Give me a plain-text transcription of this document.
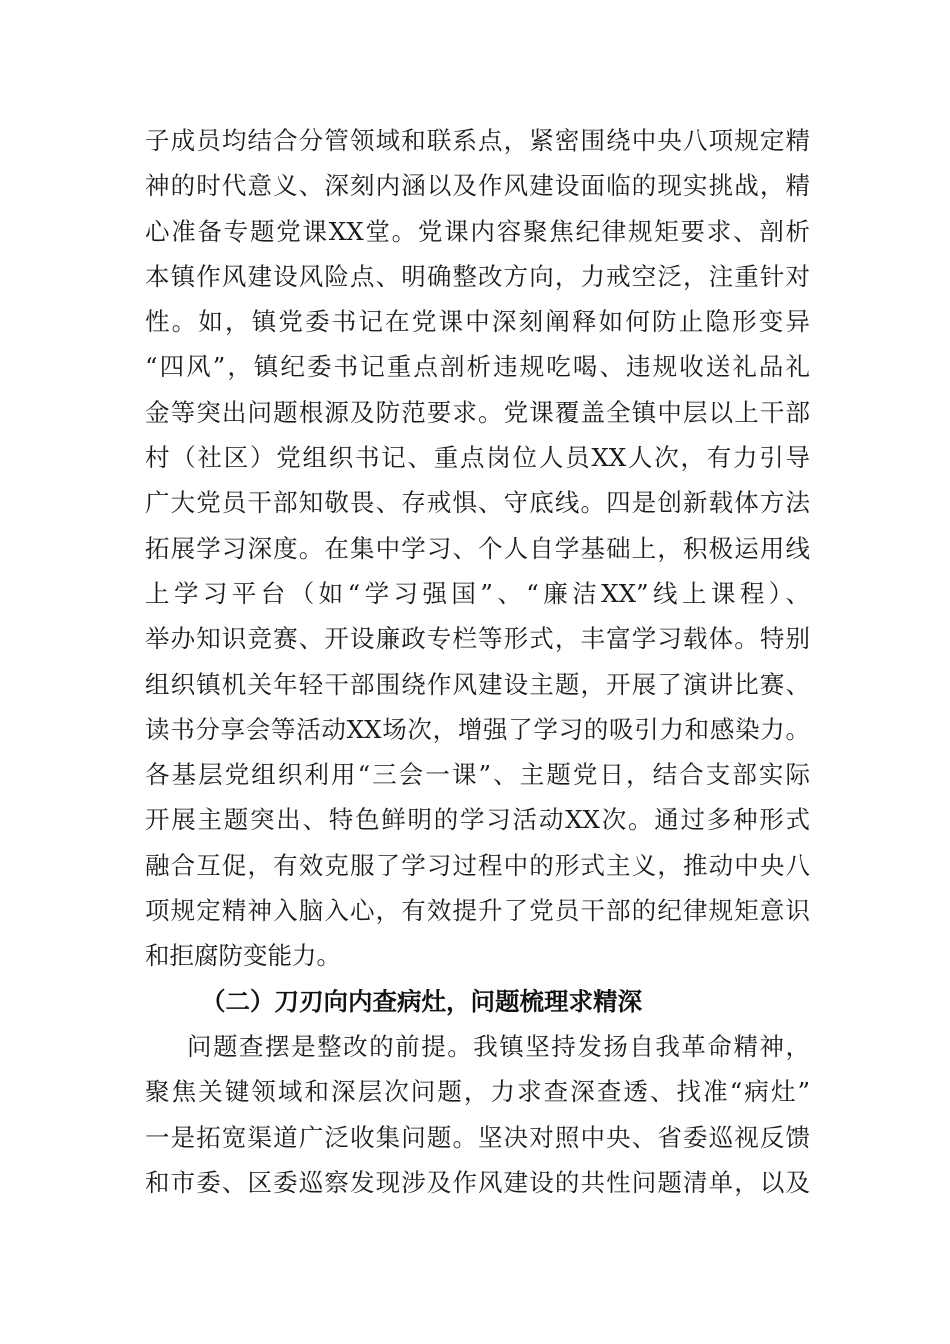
子成员均结合分管领域和联系点，紧密围绕中央八项规定精
神的时代意义、深刻内涵以及作风建设面临的现实挑战，精
心准备专题党课XX堂。党课内容聚焦纪律规矩要求、剖析
本镇作风建设风险点、明确整改方向，力戒空泛，注重针对
性。如，镇党委书记在党课中深刻阐释如何防止隐形变异
“四风”，镇纪委书记重点剖析违规吃喝、违规收送礼品礼
金等突出问题根源及防范要求。党课覆盖全镇中层以上干部
村（社区）党组织书记、重点岗位人员XX人次，有力引导
广大党员干部知敬畏、存戒惧、守底线。四是创新载体方法
拓展学习深度。在集中学习、个人自学基础上，积极运用线
上学习平台（如“学习强国”、“廉洁XX”线上课程）、
举办知识竞赛、开设廉政专栏等形式，丰富学习载体。特别
组织镇机关年轻干部围绕作风建设主题，开展了演讲比赛、
读书分享会等活动XX场次，增强了学习的吸引力和感染力。
各基层党组织利用“三会一课”、主题党日，结合支部实际
开展主题突出、特色鲜明的学习活动XX次。通过多种形式
融合互促，有效克服了学习过程中的形式主义，推动中央八
项规定精神入脑入心，有效提升了党员干部的纪律规矩意识
和拒腐防变能力。
（二）刀刃向内查病灶，问题梳理求精深
问题查摆是整改的前提。我镇坚持发扬自我革命精神，
聚焦关键领域和深层次问题，力求查深查透、找准“病灶”
一是拓宽渠道广泛收集问题。坚决对照中央、省委巡视反馈
和市委、区委巡察发现涉及作风建设的共性问题清单，以及
